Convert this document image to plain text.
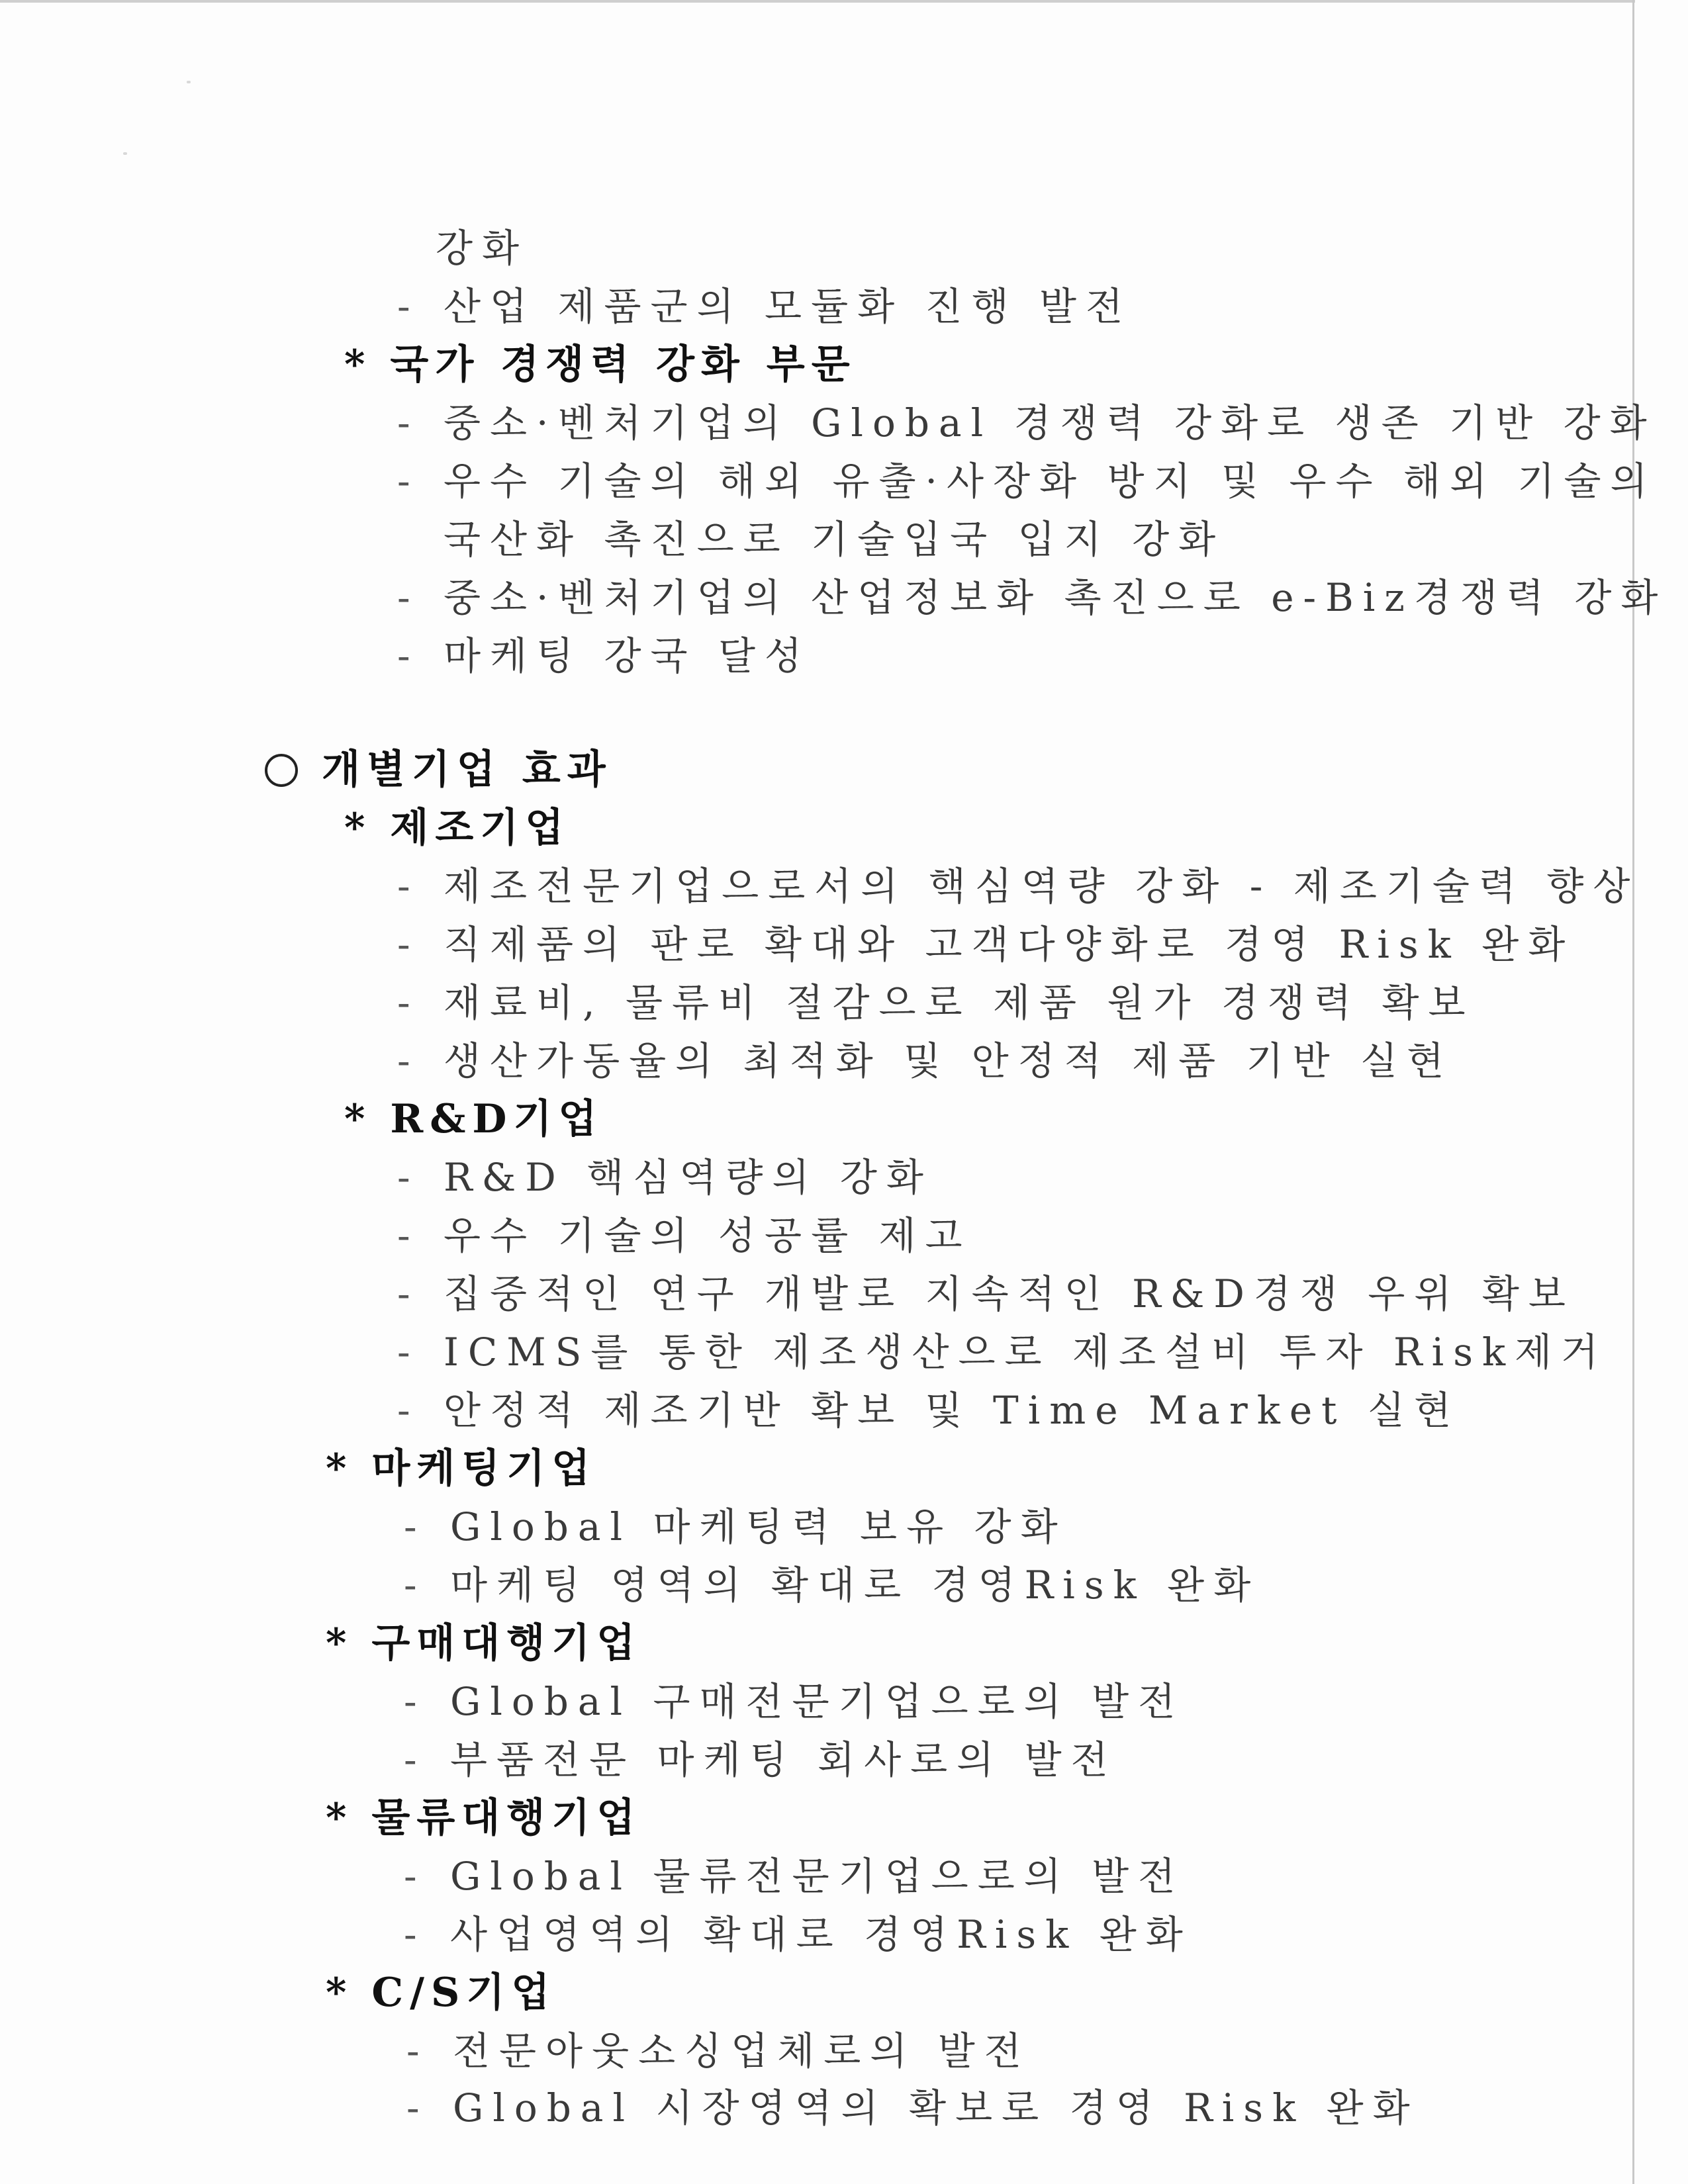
강화
- 산업 제품군의 모듈화 진행 발전
* 국가 경쟁력 강화 부문
- 중소·벤처기업의 Global 경쟁력 강화로 생존 기반 강화
- 우수 기술의 해외 유출·사장화 방지 및 우수 해외 기술의
국산화 촉진으로 기술입국 입지 강화
- 중소·벤처기업의 산업정보화 촉진으로 e-Biz경쟁력 강화
- 마케팅 강국 달성
개별기업 효과
* 제조기업
- 제조전문기업으로서의 핵심역량 강화 - 제조기술력 향상
- 직제품의 판로 확대와 고객다양화로 경영 Risk 완화
- 재료비, 물류비 절감으로 제품 원가 경쟁력 확보
- 생산가동율의 최적화 및 안정적 제품 기반 실현
* R&D기업
- R&D 핵심역량의 강화
- 우수 기술의 성공률 제고
- 집중적인 연구 개발로 지속적인 R&D경쟁 우위 확보
- ICMS를 통한 제조생산으로 제조설비 투자 Risk제거
- 안정적 제조기반 확보 및 Time Market 실현
* 마케팅기업
- Global 마케팅력 보유 강화
- 마케팅 영역의 확대로 경영Risk 완화
* 구매대행기업
- Global 구매전문기업으로의 발전
- 부품전문 마케팅 회사로의 발전
* 물류대행기업
- Global 물류전문기업으로의 발전
- 사업영역의 확대로 경영Risk 완화
* C/S기업
- 전문아웃소싱업체로의 발전
- Global 시장영역의 확보로 경영 Risk 완화
